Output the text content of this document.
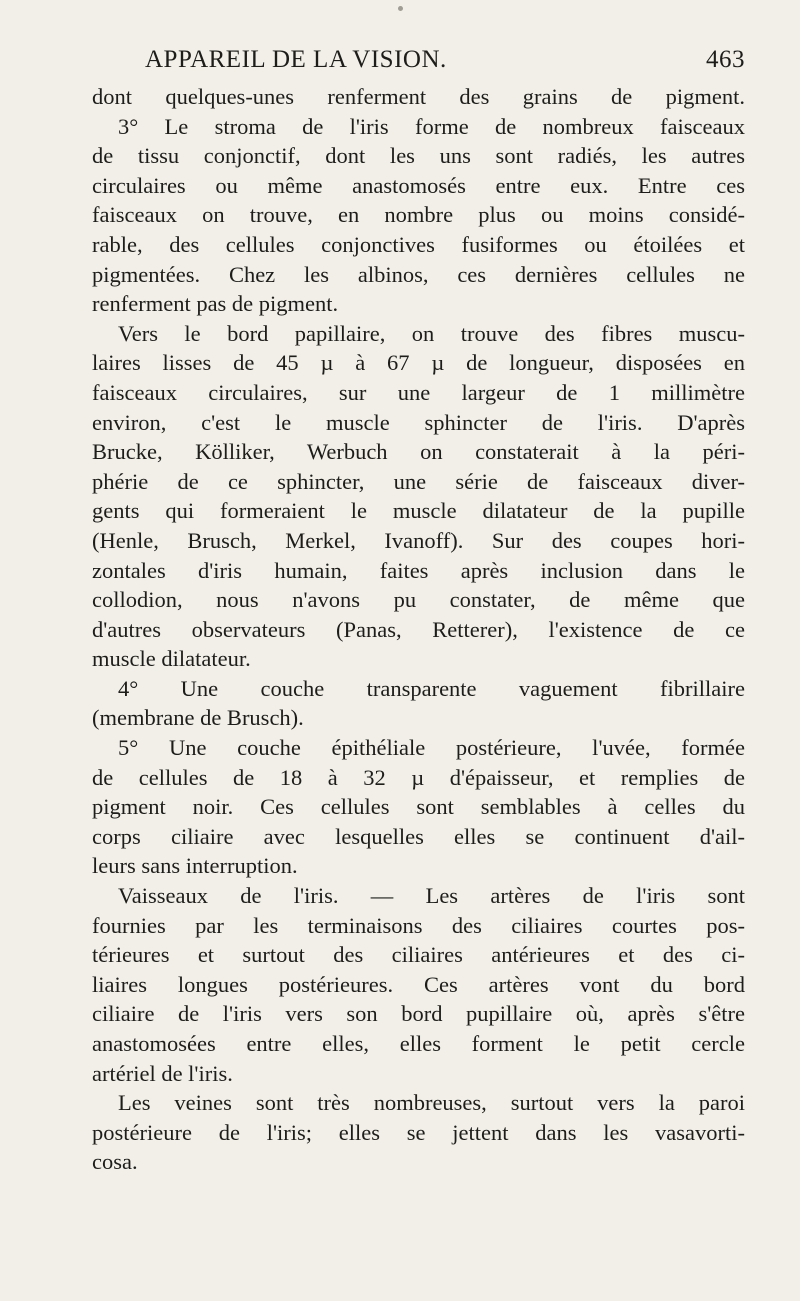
APPAREIL DE LA VISION.	463
dont quelques-unes renferment des grains de pigment.
3° Le stroma de l'iris forme de nombreux faisceaux
de tissu conjonctif, dont les uns sont radiés, les autres
circulaires ou même anastomosés entre eux. Entre ces
faisceaux on trouve, en nombre plus ou moins considé-
rable, des cellules conjonctives fusiformes ou étoilées et
pigmentées. Chez les albinos, ces dernières cellules ne
renferment pas de pigment.
Vers le bord papillaire, on trouve des fibres muscu-
laires lisses de 45 µ à 67 µ de longueur, disposées en
faisceaux circulaires, sur une largeur de 1 millimètre
environ, c'est le muscle sphincter de l'iris. D'après
Brucke, Kölliker, Werbuch on constaterait à la péri-
phérie de ce sphincter, une série de faisceaux diver-
gents qui formeraient le muscle dilatateur de la pupille
(Henle, Brusch, Merkel, Ivanoff). Sur des coupes hori-
zontales d'iris humain, faites après inclusion dans le
collodion, nous n'avons pu constater, de même que
d'autres observateurs (Panas, Retterer), l'existence de ce
muscle dilatateur.
4° Une couche transparente vaguement fibrillaire
(membrane de Brusch).
5° Une couche épithéliale postérieure, l'uvée, formée
de cellules de 18 à 32 µ d'épaisseur, et remplies de
pigment noir. Ces cellules sont semblables à celles du
corps ciliaire avec lesquelles elles se continuent d'ail-
leurs sans interruption.
Vaisseaux de l'iris. — Les artères de l'iris sont
fournies par les terminaisons des ciliaires courtes pos-
térieures et surtout des ciliaires antérieures et des ci-
liaires longues postérieures. Ces artères vont du bord
ciliaire de l'iris vers son bord pupillaire où, après s'être
anastomosées entre elles, elles forment le petit cercle
artériel de l'iris.
Les veines sont très nombreuses, surtout vers la paroi
postérieure de l'iris; elles se jettent dans les vasavorti-
cosa.
